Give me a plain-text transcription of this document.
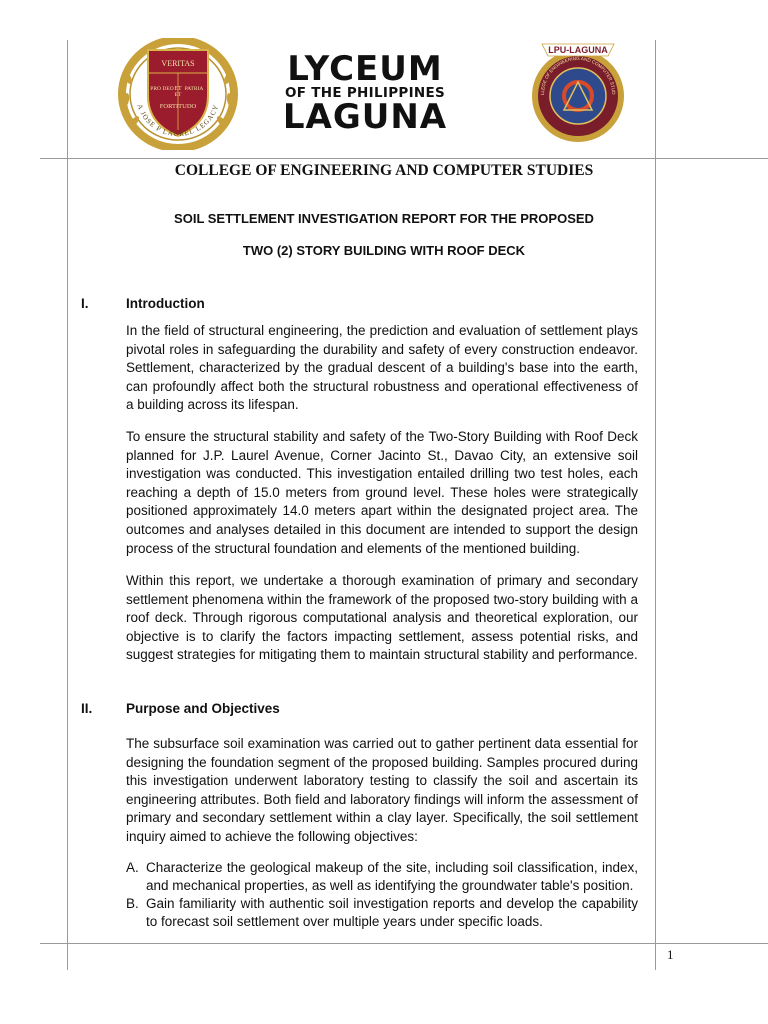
VERITAS
ET
FORTITUDO
PRO DEO
ET
PATRIA
A JOSE P LAUREL LEGACY
LYCEUM
OF THE PHILIPPINES
LAGUNA
LLEGE OF ENGINEERING AND COMPUTER STUD
LPU-LAGUNA
COLLEGE OF ENGINEERING AND COMPUTER STUDIES
SOIL SETTLEMENT INVESTIGATION REPORT FOR THE PROPOSED
TWO (2) STORY BUILDING WITH ROOF DECK
I.	Introduction

In the field of structural engineering, the prediction and evaluation of settlement plays pivotal roles in safeguarding the durability and safety of every construction endeavor. Settlement, characterized by the gradual descent of a building's base into the earth, can profoundly affect both the structural robustness and operational effectiveness of a building across its lifespan.

To ensure the structural stability and safety of the Two-Story Building with Roof Deck planned for J.P. Laurel Avenue, Corner Jacinto St., Davao City, an extensive soil investigation was conducted. This investigation entailed drilling two test holes, each reaching a depth of 15.0 meters from ground level. These holes were strategically positioned approximately 14.0 meters apart within the designated project area. The outcomes and analyses detailed in this document are intended to support the design process of the structural foundation and elements of the mentioned building.

Within this report, we undertake a thorough examination of primary and secondary settlement phenomena within the framework of the proposed two-story building with a roof deck. Through rigorous computational analysis and theoretical exploration, our objective is to clarify the factors impacting settlement, assess potential risks, and suggest strategies for mitigating them to maintain structural stability and performance.

II. Purpose and Objectives

The subsurface soil examination was carried out to gather pertinent data essential for designing the foundation segment of the proposed building. Samples procured during this investigation underwent laboratory testing to classify the soil and ascertain its engineering attributes. Both field and laboratory findings will inform the assessment of primary and secondary settlement within a clay layer. Specifically, the soil settlement inquiry aimed to achieve the following objectives:

A. Characterize the geological makeup of the site, including soil classification, index, and mechanical properties, as well as identifying the groundwater table's position.
B. Gain familiarity with authentic soil investigation reports and develop the capability to forecast soil settlement over multiple years under specific loads.
1
